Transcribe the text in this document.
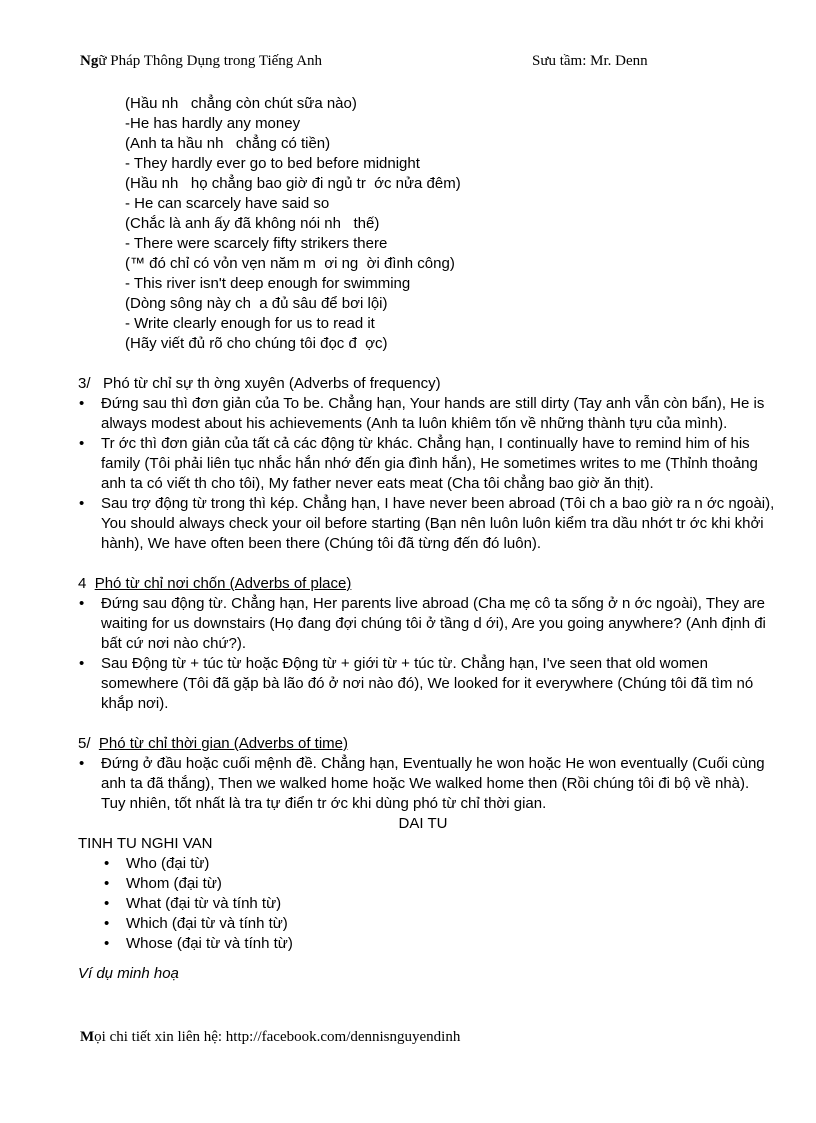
Ngữ Pháp Thông Dụng trong Tiếng Anh	Sưu tầm: Mr. Denn
(Hầu nh   chẳng còn chút sữa nào)
-He has hardly any money
(Anh ta hầu nh   chẳng có tiền)
- They hardly ever go to bed before midnight
(Hầu nh   họ chẳng bao giờ đi ngủ tr  ớc nửa đêm)
- He can scarcely have said so
(Chắc là anh ấy đã không nói nh   thế)
- There were scarcely fifty strikers there
(™ đó chỉ có vỏn vẹn năm m  ơi ng  ời đình công)
- This river isn't deep enough for swimming
(Dòng sông này ch  a đủ sâu để bơi lội)
- Write clearly enough for us to read it
(Hãy viết đủ rõ cho chúng tôi đọc đ  ợc)
3/ Phó từ chỉ sự th ờng xuyên (Adverbs of frequency)
• Đứng sau thì đơn giản của To be. Chẳng hạn, Your hands are still dirty (Tay anh vẫn còn bẩn), He is always modest about his achievements (Anh ta luôn khiêm tốn về những thành tựu của mình).
• Tr ớc thì đơn giản của tất cả các động từ khác. Chẳng hạn, I continually have to remind him of his family (Tôi phải liên tục nhắc hắn nhớ đến gia đình hắn), He sometimes writes to me (Thỉnh thoảng anh ta có viết th cho tôi), My father never eats meat (Cha tôi chẳng bao giờ ăn thịt).
• Sau trợ động từ trong thì kép. Chẳng hạn, I have never been abroad (Tôi ch a bao giờ ra n ớc ngoài), You should always check your oil before starting (Bạn nên luôn luôn kiểm tra dầu nhớt tr ớc khi khởi hành), We have often been there (Chúng tôi đã từng đến đó luôn).
4 Phó từ chỉ nơi chốn (Adverbs of place)
• Đứng sau động từ. Chẳng hạn, Her parents live abroad (Cha mẹ cô ta sống ở n ớc ngoài), They are waiting for us downstairs (Họ đang đợi chúng tôi ở tầng d ới), Are you going anywhere? (Anh định đi bất cứ nơi nào chứ?).
• Sau Động từ + túc từ hoặc Động từ + giới từ + túc từ. Chẳng hạn, I've seen that old women somewhere (Tôi đã gặp bà lão đó ở nơi nào đó), We looked for it everywhere (Chúng tôi đã tìm nó khắp nơi).
5/ Phó từ chỉ thời gian (Adverbs of time)
• Đứng ở đầu hoặc cuối mệnh đề. Chẳng hạn, Eventually he won hoặc He won eventually (Cuối cùng anh ta đã thắng), Then we walked home hoặc We walked home then (Rồi chúng tôi đi bộ về nhà). Tuy nhiên, tốt nhất là tra tự điển tr ớc khi dùng phó từ chỉ thời gian.
DAI TU
TINH TU NGHI VAN
• Who (đại từ)
• Whom (đại từ)
• What (đại từ và tính từ)
• Which (đại từ và tính từ)
• Whose (đại từ và tính từ)
Ví dụ minh hoạ
Mọi chi tiết xin liên hệ: http://facebook.com/dennisnguyendinh
